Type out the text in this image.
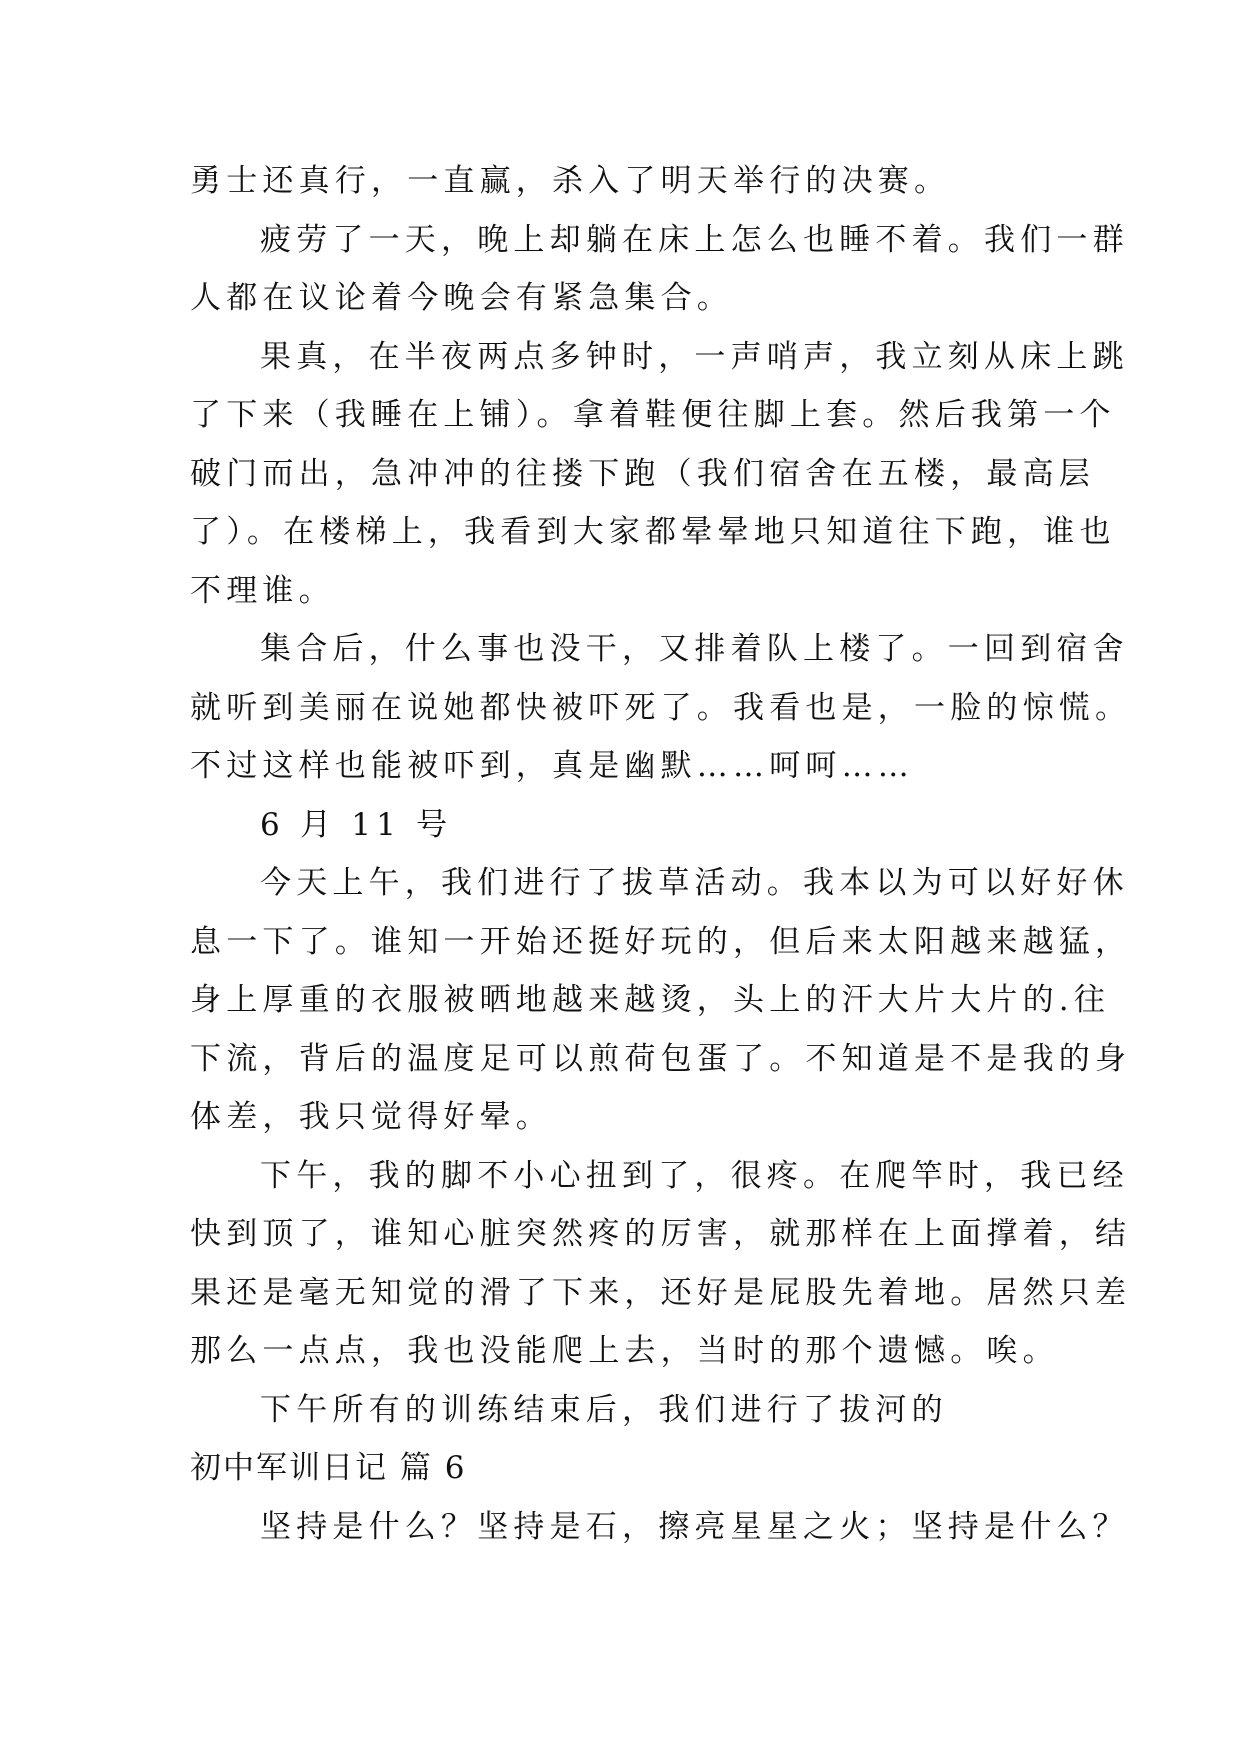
勇士还真行，一直赢，杀入了明天举行的决赛。

疲劳了一天，晚上却躺在床上怎么也睡不着。我们一群
人都在议论着今晚会有紧急集合。

果真，在半夜两点多钟时，一声哨声，我立刻从床上跳
了下来（我睡在上铺）。拿着鞋便往脚上套。然后我第一个
破门而出，急冲冲的往搂下跑（我们宿舍在五楼，最高层
了）。在楼梯上，我看到大家都晕晕地只知道往下跑，谁也
不理谁。

集合后，什么事也没干，又排着队上楼了。一回到宿舍
就听到美丽在说她都快被吓死了。我看也是，一脸的惊慌。
不过这样也能被吓到，真是幽默……呵呵……

6 月 11 号

今天上午，我们进行了拔草活动。我本以为可以好好休
息一下了。谁知一开始还挺好玩的，但后来太阳越来越猛，
身上厚重的衣服被晒地越来越烫，头上的汗大片大片的.往
下流，背后的温度足可以煎荷包蛋了。不知道是不是我的身
体差，我只觉得好晕。

下午，我的脚不小心扭到了，很疼。在爬竿时，我已经
快到顶了，谁知心脏突然疼的厉害，就那样在上面撑着，结
果还是毫无知觉的滑了下来，还好是屁股先着地。居然只差
那么一点点，我也没能爬上去，当时的那个遗憾。唉。

下午所有的训练结束后，我们进行了拔河的

初中军训日记 篇 6

坚持是什么？坚持是石，擦亮星星之火；坚持是什么？
